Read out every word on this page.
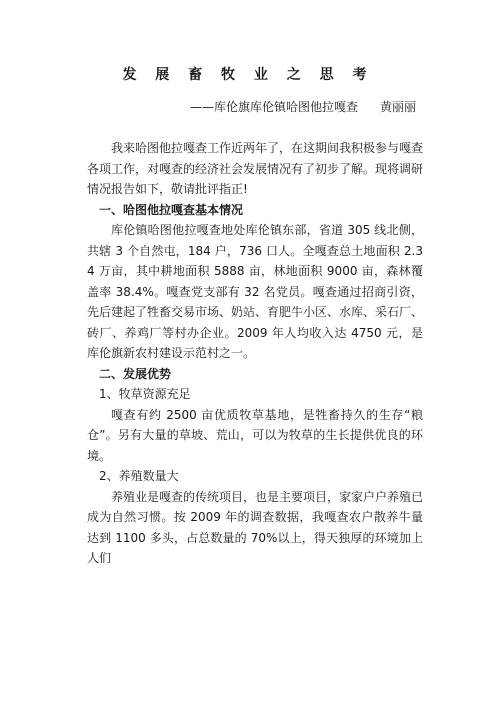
发 展 畜 牧 业 之 思 考
——库伦旗库伦镇哈图他拉嘎查 黄丽丽

我来哈图他拉嘎查工作近两年了，在这期间我积极参与嘎查各项工作，对嘎查的经济社会发展情况有了初步了解。现将调研情况报告如下，敬请批评指正!

一、哈图他拉嘎查基本情况

库伦镇哈图他拉嘎查地处库伦镇东部，省道 305 线北侧，共辖 3 个自然屯，184 户，736 口人。全嘎查总土地面积 2.34 万亩，其中耕地面积 5888 亩，林地面积 9000 亩，森林覆盖率 38.4%。嘎查党支部有 32 名党员。嘎查通过招商引资，先后建起了牲畜交易市场、奶站、育肥牛小区、水库、采石厂、砖厂、养鸡厂等村办企业。2009 年人均收入达 4750 元，是库伦旗新农村建设示范村之一。

二、发展优势

1、牧草资源充足

嘎查有约 2500 亩优质牧草基地，是牲畜持久的生存“粮仓”。另有大量的草坡、荒山，可以为牧草的生长提供优良的环境。

2、养殖数量大

养殖业是嘎查的传统项目，也是主要项目，家家户户养殖已成为自然习惯。按 2009 年的调查数据，我嘎查农户散养牛量达到 1100 多头，占总数量的 70%以上，得天独厚的环境加上人们
